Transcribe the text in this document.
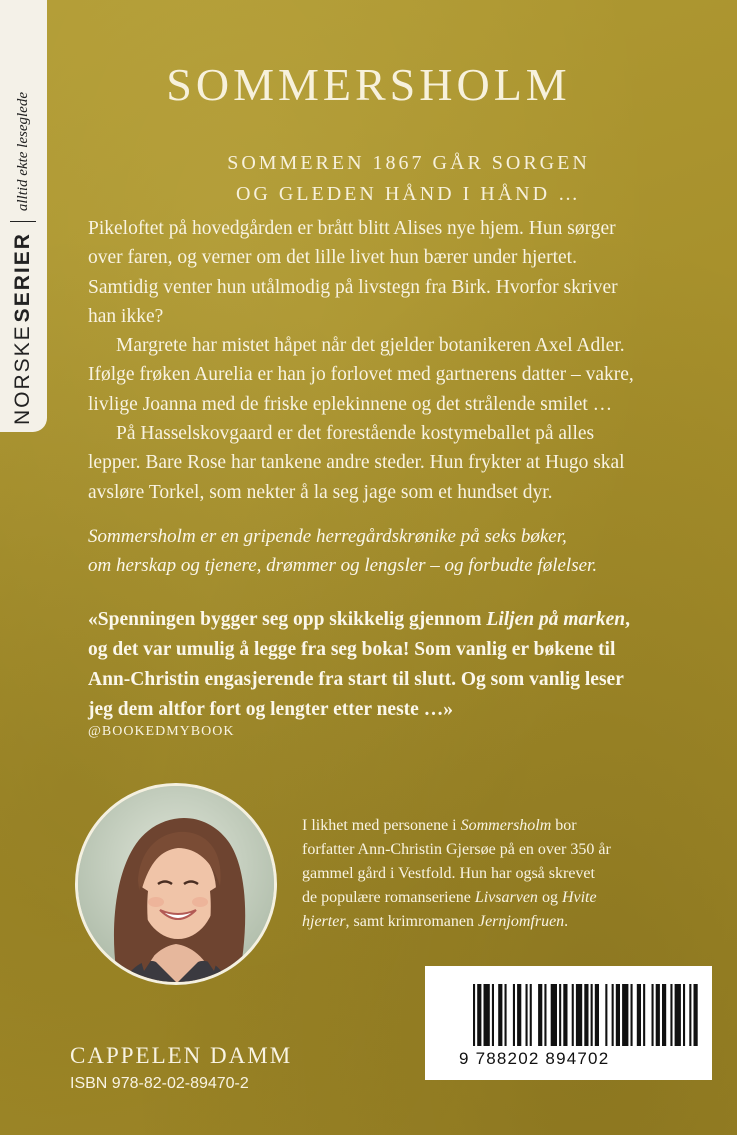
NORSKE
SERIER
alltid ekte leseglede
SOMMERSHOLM
SOMMEREN 1867 GÅR SORGEN
OG GLEDEN HÅND I HÅND …

Pikeloftet på hovedgården er brått blitt Alises nye hjem. Hun sørger
over faren, og verner om det lille livet hun bærer under hjertet.
Samtidig venter hun utålmodig på livstegn fra Birk. Hvorfor skriver
han ikke?

Margrete har mistet håpet når det gjelder botanikeren Axel Adler.
Ifølge frøken Aurelia er han jo forlovet med gartnerens datter – vakre,
livlige Joanna med de friske eplekinnene og det strålende smilet …

På Hasselskovgaard er det forestående kostymeballet på alles
lepper. Bare Rose har tankene andre steder. Hun frykter at Hugo skal
avsløre Torkel, som nekter å la seg jage som et hundset dyr.

Sommersholm er en gripende herregårdskrønike på seks bøker,
om herskap og tjenere, drømmer og lengsler – og forbudte følelser.
«Spenningen bygger seg opp skikkelig gjennom Liljen på marken,
og det var umulig å legge fra seg boka! Som vanlig er bøkene til
Ann-Christin engasjerende fra start til slutt. Og som vanlig leser
jeg dem altfor fort og lengter etter neste …»
@BOOKEDMYBOOK
I likhet med personene i Sommersholm bor
forfatter Ann-Christin Gjersøe på en over 350 år
gammel gård i Vestfold. Hun har også skrevet
de populære romanseriene Livsarven og Hvite
hjerter, samt krimromanen Jernjomfruen.
9 788202 894702
CAPPELEN DAMM
ISBN 978-82-02-89470-2
